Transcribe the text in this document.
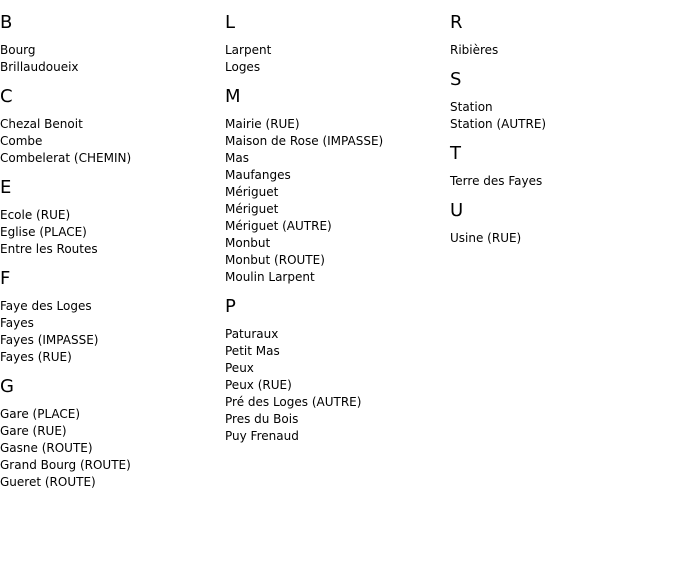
B
Bourg
Brillaudoueix
C
Chezal Benoit
Combe
Combelerat (CHEMIN)
E
Ecole (RUE)
Eglise (PLACE)
Entre les Routes
F
Faye des Loges
Fayes
Fayes (IMPASSE)
Fayes (RUE)
G
Gare (PLACE)
Gare (RUE)
Gasne (ROUTE)
Grand Bourg (ROUTE)
Gueret (ROUTE)
L
Larpent
Loges
M
Mairie (RUE)
Maison de Rose (IMPASSE)
Mas
Maufanges
Mériguet
Mériguet
Mériguet (AUTRE)
Monbut
Monbut (ROUTE)
Moulin Larpent
P
Paturaux
Petit Mas
Peux
Peux (RUE)
Pré des Loges (AUTRE)
Pres du Bois
Puy Frenaud
R
Ribières
S
Station
Station (AUTRE)
T
Terre des Fayes
U
Usine (RUE)
